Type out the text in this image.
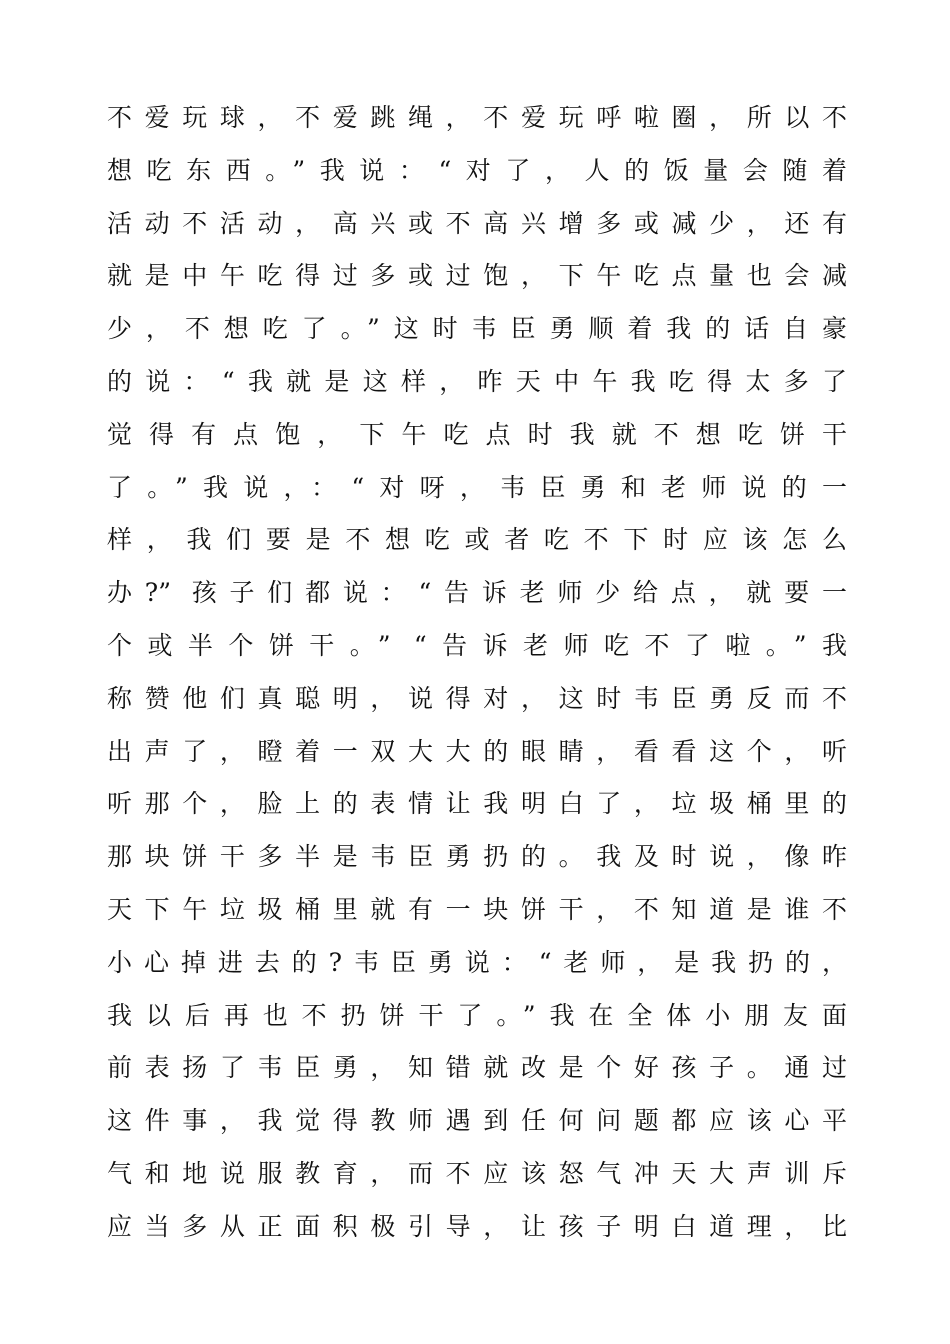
不爱玩球，不爱跳绳，不爱玩呼啦圈，所以不
想吃东西。”我说：“对了，人的饭量会随着
活动不活动，高兴或不高兴增多或减少，还有
就是中午吃得过多或过饱，下午吃点量也会减
少，不想吃了。”这时韦臣勇顺着我的话自豪
的说：“我就是这样，昨天中午我吃得太多了
觉得有点饱，下午吃点时我就不想吃饼干
了。”我说，：“对呀，韦臣勇和老师说的一
样，我们要是不想吃或者吃不下时应该怎么
办?” 孩子们都说：“告诉老师少给点，就要一
个或半个饼干。” “告诉老师吃不了啦。”我
称赞他们真聪明，说得对，这时韦臣勇反而不
出声了，瞪着一双大大的眼睛，看看这个，听
听那个，脸上的表情让我明白了，垃圾桶里的
那块饼干多半是韦臣勇扔的。我及时说，像昨
天下午垃圾桶里就有一块饼干，不知道是谁不
小心掉进去的?韦臣勇说：“老师，是我扔的，
我以后再也不扔饼干了。”我在全体小朋友面
前表扬了韦臣勇，知错就改是个好孩子。通过
这件事，我觉得教师遇到任何问题都应该心平
气和地说服教育，而不应该怒气冲天大声训斥
应当多从正面积极引导，让孩子明白道理，比
